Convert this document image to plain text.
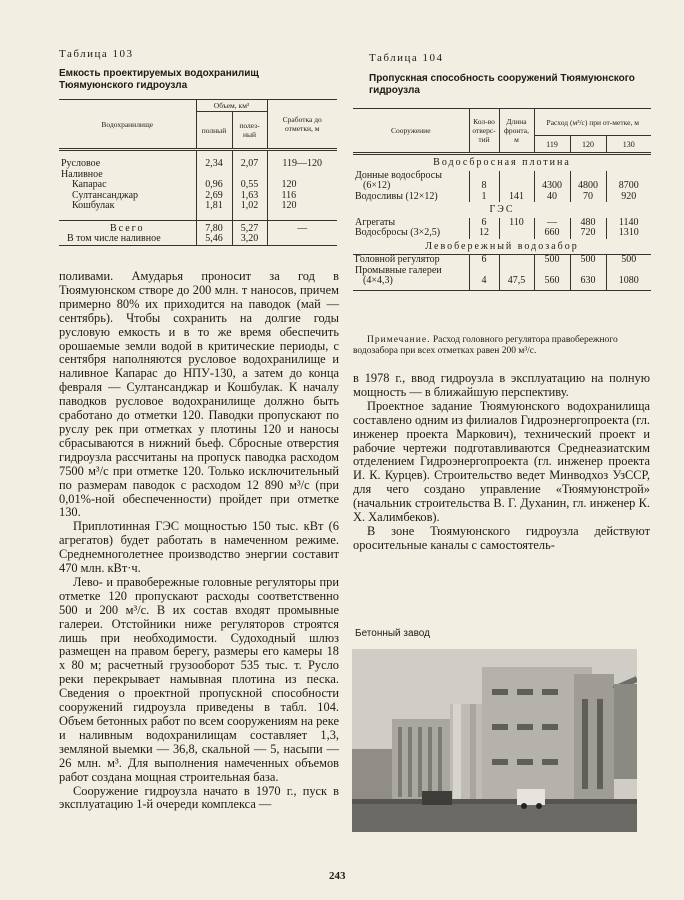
Таблица 103
Емкость проектируемых водохранилищ
Тюямуюнского гидроузла
Водохранилище	Объем, км³		Сработка до отметки, м
	полный	полез-ный	

Русловое	2,34	2,07	119—120
Наливное			
Капарас	0,96	0,55	120
Султансанджар	2,69	1,63	116
Кошбулак	1,81	1,02	120

Всего	7,80	5,27	—
В том числе наливное	5,46	3,20	
Таблица 104
Пропускная способность сооружений Тюямуюнского
гидроузла
Сооружение	Кол-во отверс-тий	Длина фронта, м	Расход (м³/с) при от-метке, м		
			119	120	130
Водосбросная плотина					
Донные водосбросы					
(6×12)	8		4300	4800	8700
Водосливы (12×12)	1	141	40	70	920
ГЭС					
Агрегаты	6	110	—	480	1140
Водосбросы (3×2,5)	12		660	720	1310
Левобережный водозабор					
Головной регулятор	6		500	500	500
Промывные галереи					
(4×4,3)	4	47,5	560	630	1080
Примечание. Расход головного регулятора правобережного водозабора при всех отметках равен 200 м³/с.
поливами. Амударья проносит за год в Тюямуюнском створе до 200 млн. т наносов, причем примерно 80% их приходится на паводок (май — сентябрь). Чтобы сохранить на долгие годы русловую емкость и в то же время обеспечить орошаемые земли водой в критические периоды, с сентября наполняются русловое водохранилище и наливное Капарас до НПУ-130, а затем до конца февраля — Султансанджар и Кошбулак. К началу паводков русловое водохранилище должно быть сработано до отметки 120. Паводки пропускают по руслу рек при отметках у плотины 120 и наносы сбрасываются в нижний бьеф. Сбросные отверстия гидроузла рассчитаны на пропуск паводка расходом 7500 м³/с при отметке 120. Только исключительный по размерам паводок с расходом 12 890 м³/с (при 0,01%-ной обеспеченности) пройдет при отметке 130.
Приплотинная ГЭС мощностью 150 тыс. кВт (6 агрегатов) будет работать в намеченном режиме. Среднемноголетнее производство энергии составит 470 млн. кВт·ч.
Лево- и правобережные головные регуляторы при отметке 120 пропускают расходы соответственно 500 и 200 м³/с. В их состав входят промывные галереи. Отстойники ниже регуляторов строятся лишь при необходимости. Судоходный шлюз размещен на правом берегу, размеры его камеры 18 х 80 м; расчетный грузооборот 535 тыс. т. Русло реки перекрывает намывная плотина из песка. Сведения о проектной пропускной способности сооружений гидроузла приведены в табл. 104. Объем бетонных работ по всем сооружениям на реке и наливным водохранилищам составляет 1,3, земляной выемки — 36,8, скальной — 5, насыпи — 26 млн. м³. Для выполнения намеченных объемов работ создана мощная строительная база.
Сооружение гидроузла начато в 1970 г., пуск в эксплуатацию 1-й очереди комплекса —
в 1978 г., ввод гидроузла в эксплуатацию на полную мощность — в ближайшую перспективу.
Проектное задание Тюямуюнского водохранилища составлено одним из филиалов Гидроэнергопроекта (гл. инженер проекта Маркович), технический проект и рабочие чертежи подготавливаются Среднеазиатским отделением Гидроэнергопроекта (гл. инженер проекта И. К. Курцев). Строительство ведет Минводхоз УзССР, для чего создано управление «Тюямуюнстрой» (начальник строительства В. Г. Духанин, гл. инженер К. Х. Халимбеков).
В зоне Тюямуюнского гидроузла действуют оросительные каналы с самостоятель-
Бетонный завод
243
